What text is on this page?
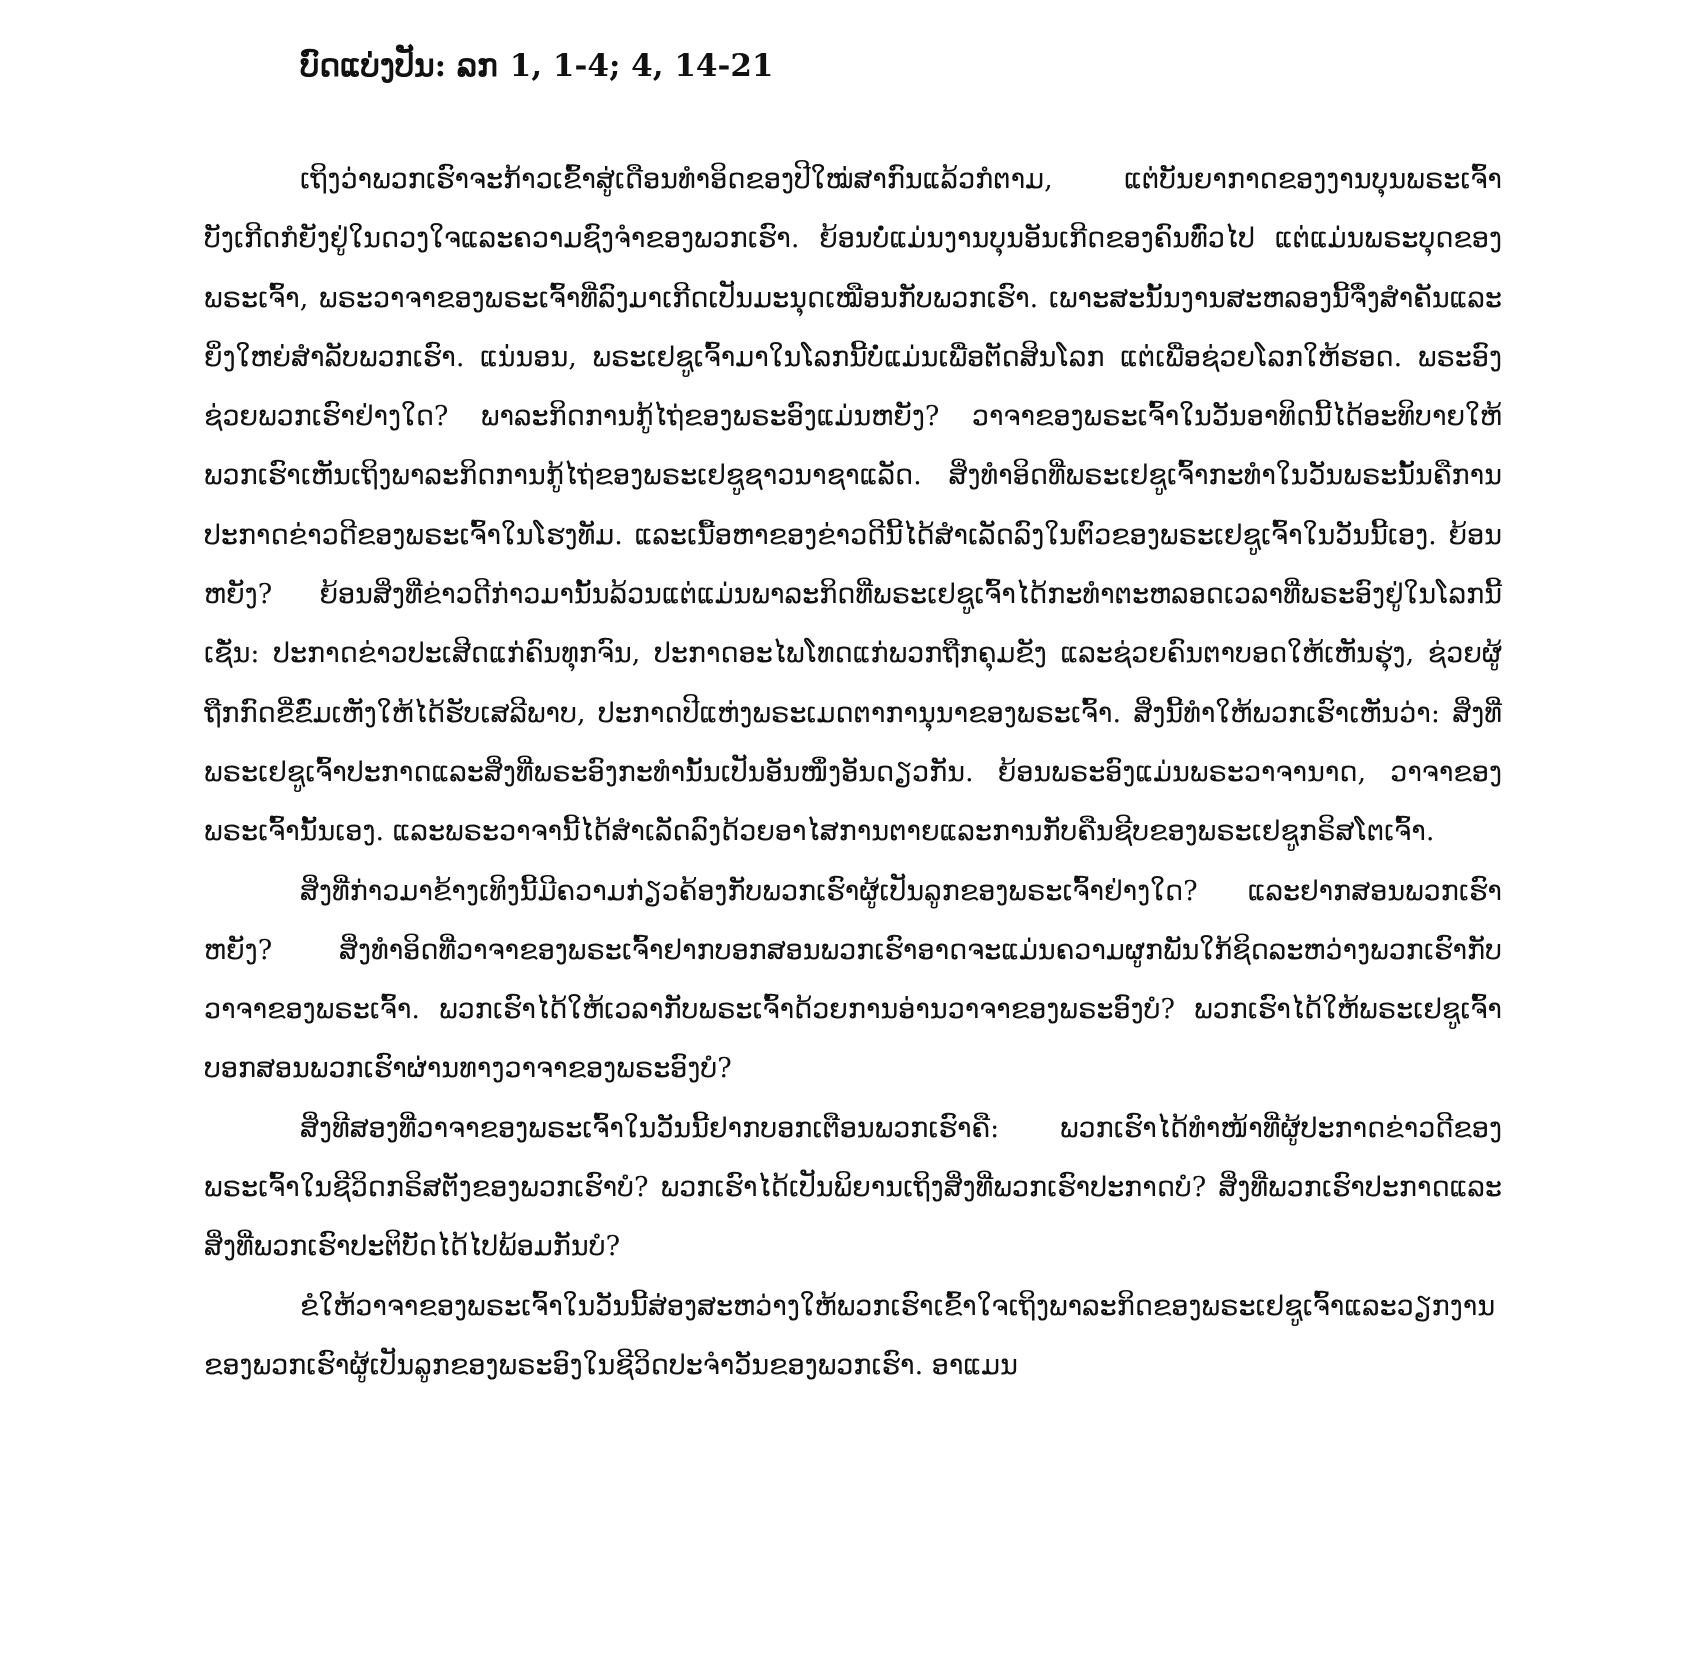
ບົດແບ່ງປັນ: ລກ 1, 1-4; 4, 14-21

ເຖິງວ່າພວກເຮົາຈະກ້າວເຂົ້າສູ່ເດືອນທຳອິດຂອງປີໃໝ່ສາກົນແລ້ວກໍຕາມ, ແຕ່ບັນຍາກາດຂອງງານບຸນພຣະເຈົ້າບັງເກີດກໍຍັງຢູ່ໃນດວງໃຈແລະຄວາມຊົງຈຳຂອງພວກເຮົາ. ຍ້ອນບໍ່ແມ່ນງານບຸນອັນເກີດຂອງຄົນທົ່ວໄປ ແຕ່ແມ່ນພຣະບຸດຂອງພຣະເຈົ້າ, ພຣະວາຈາຂອງພຣະເຈົ້າທີ່ລົງມາເກີດເປັນມະນຸດເໝືອນກັບພວກເຮົາ. ເພາະສະນັ້ນງານສະຫລອງນີ້ຈຶ່ງສຳຄັນແລະຍິ່ງໃຫຍ່ສຳລັບພວກເຮົາ. ແນ່ນອນ, ພຣະເຢຊູເຈົ້າມາໃນໂລກນີ້ບໍ່ແມ່ນເພື່ອຕັດສິນໂລກ ແຕ່ເພື່ອຊ່ວຍໂລກໃຫ້ຮອດ. ພຣະອົງຊ່ວຍພວກເຮົາຢ່າງໃດ? ພາລະກິດການກູ້ໄຖ່ຂອງພຣະອົງແມ່ນຫຍັງ? ວາຈາຂອງພຣະເຈົ້າໃນວັນອາທິດນີ້ໄດ້ອະທິບາຍໃຫ້ພວກເຮົາເຫັນເຖິງພາລະກິດການກູ້ໄຖ່ຂອງພຣະເຢຊູຊາວນາຊາແລັດ. ສິ່ງທຳອິດທີ່ພຣະເຢຊູເຈົ້າກະທຳໃນວັນພຣະນັ້ນຄືການປະກາດຂ່າວດີຂອງພຣະເຈົ້າໃນໂຮງທັມ. ແລະເນື້ອຫາຂອງຂ່າວດີນີ້ໄດ້ສຳເລັດລົງໃນຕົວຂອງພຣະເຢຊູເຈົ້າໃນວັນນີ້ເອງ. ຍ້ອນຫຍັງ? ຍ້ອນສິ່ງທີ່ຂ່າວດີກ່າວມານັ້ນລ້ວນແຕ່ແມ່ນພາລະກິດທີ່ພຣະເຢຊູເຈົ້າໄດ້ກະທຳຕະຫລອດເວລາທີ່ພຣະອົງຢູ່ໃນໂລກນີ້ເຊັ່ນ: ປະກາດຂ່າວປະເສີດແກ່ຄົນທຸກຈົນ, ປະກາດອະໄພໂທດແກ່ພວກຖືກຄຸມຂັງ ແລະຊ່ວຍຄົນຕາບອດໃຫ້ເຫັນຮຸ່ງ, ຊ່ວຍຜູ້ຖືກກົດຂີ່ຂົ່ມເຫັງໃຫ້ໄດ້ຮັບເສລີພາບ, ປະກາດປີແຫ່ງພຣະເມດຕາການຸນາຂອງພຣະເຈົ້າ. ສິ່ງນີ້ທຳໃຫ້ພວກເຮົາເຫັນວ່າ: ສິ່ງທີ່ພຣະເຢຊູເຈົ້າປະກາດແລະສິ່ງທີ່ພຣະອົງກະທຳນັ້ນເປັນອັນໜຶ່ງອັນດຽວກັນ. ຍ້ອນພຣະອົງແມ່ນພຣະວາຈານາດ, ວາຈາຂອງພຣະເຈົ້ານັ້ນເອງ. ແລະພຣະວາຈານີ້ໄດ້ສຳເລັດລົງດ້ວຍອາໄສການຕາຍແລະການກັບຄືນຊີບຂອງພຣະເຢຊູກຣິສໂຕເຈົ້າ.

ສິ່ງທີ່ກ່າວມາຂ້າງເທິງນີ້ມີຄວາມກ່ຽວຄ້ອງກັບພວກເຮົາຜູ້ເປັນລູກຂອງພຣະເຈົ້າຢ່າງໃດ? ແລະຢາກສອນພວກເຮົາຫຍັງ? ສິ່ງທຳອິດທີ່ວາຈາຂອງພຣະເຈົ້າຢາກບອກສອນພວກເຮົາອາດຈະແມ່ນຄວາມຜູກພັນໃກ້ຊິດລະຫວ່າງພວກເຮົາກັບວາຈາຂອງພຣະເຈົ້າ. ພວກເຮົາໄດ້ໃຫ້ເວລາກັບພຣະເຈົ້າດ້ວຍການອ່ານວາຈາຂອງພຣະອົງບໍ? ພວກເຮົາໄດ້ໃຫ້ພຣະເຢຊູເຈົ້າບອກສອນພວກເຮົາຜ່ານທາງວາຈາຂອງພຣະອົງບໍ?

ສິ່ງທີສອງທີ່ວາຈາຂອງພຣະເຈົ້າໃນວັນນີ້ຢາກບອກເຕືອນພວກເຮົາຄື: ພວກເຮົາໄດ້ທຳໜ້າທີ່ຜູ້ປະກາດຂ່າວດີຂອງພຣະເຈົ້າໃນຊີວິດກຣິສຕັງຂອງພວກເຮົາບໍ? ພວກເຮົາໄດ້ເປັນພິຍານເຖິງສິ່ງທີ່ພວກເຮົາປະກາດບໍ? ສິ່ງທີ່ພວກເຮົາປະກາດແລະສິ່ງທີ່ພວກເຮົາປະຕິບັດໄດ້ໄປພ້ອມກັນບໍ?

ຂໍໃຫ້ວາຈາຂອງພຣະເຈົ້າໃນວັນນີ້ສ່ອງສະຫວ່າງໃຫ້ພວກເຮົາເຂົ້າໃຈເຖິງພາລະກິດຂອງພຣະເຢຊູເຈົ້າແລະວຽກງານຂອງພວກເຮົາຜູ້ເປັນລູກຂອງພຣະອົງໃນຊີວິດປະຈຳວັນຂອງພວກເຮົາ. ອາແມນ
